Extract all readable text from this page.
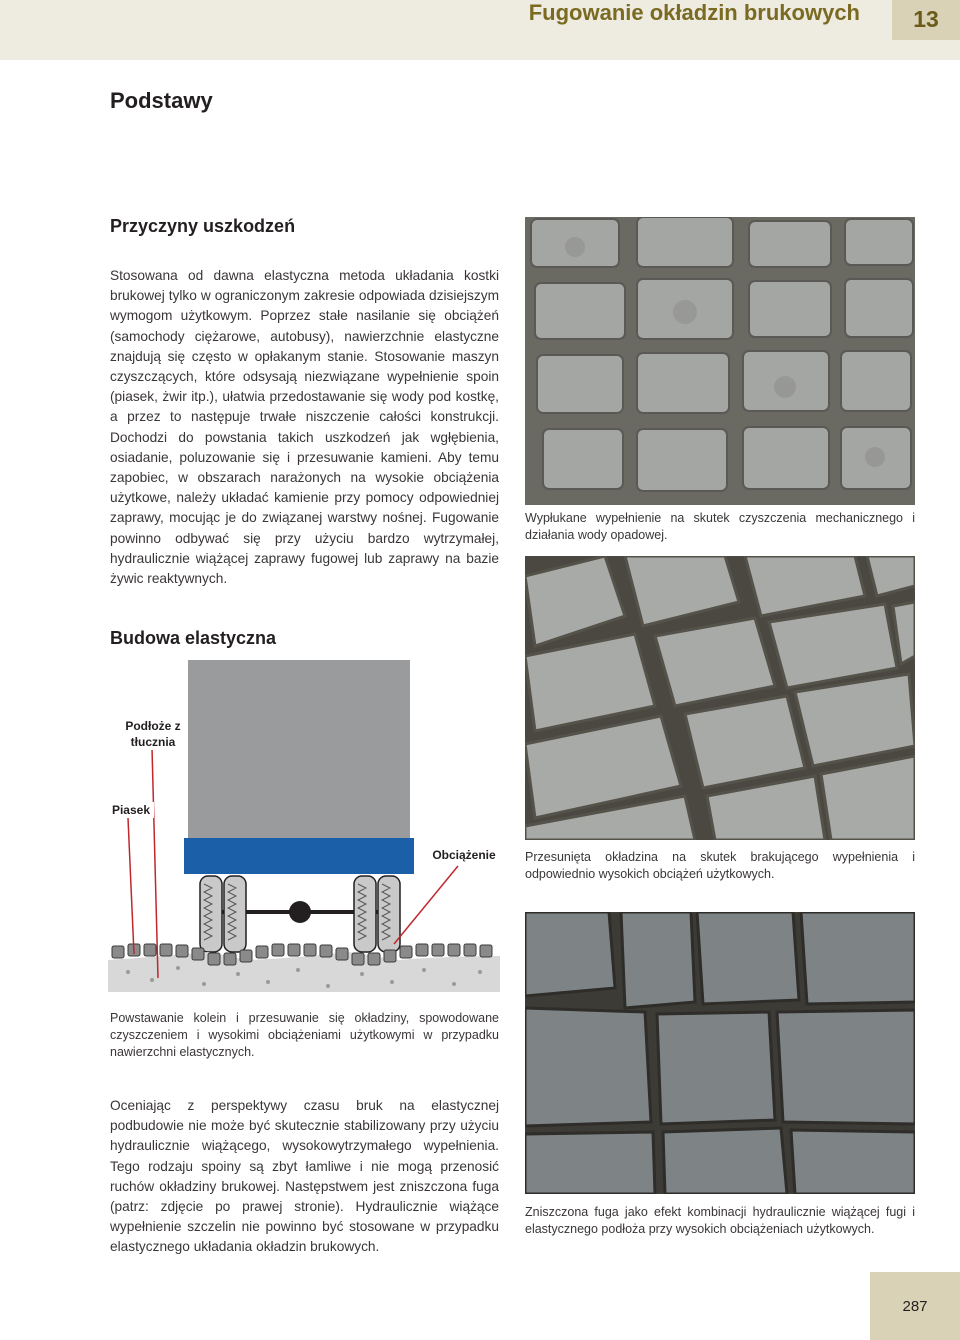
Fugowanie okładzin brukowych	13
Podstawy
Przyczyny uszkodzeń

Stosowana od dawna elastyczna metoda układania kostki brukowej tylko w ograniczonym zakresie odpowiada dzisiejszym wymogom użytkowym. Poprzez stałe nasilanie się obciążeń (samochody ciężarowe, autobusy), nawierzchnie elastyczne znajdują się często w opłakanym stanie. Stosowanie maszyn czyszczących, które odsysają niezwiązane wypełnienie spoin (piasek, żwir itp.), ułatwia przedostawanie się wody pod kostkę, a przez to następuje trwałe niszczenie całości konstrukcji. Dochodzi do powstania takich uszkodzeń jak wgłębienia, osiadanie, poluzowanie się i przesuwanie kamieni. Aby temu zapobiec, w obszarach narażonych na wysokie obciążenia użytkowe, należy układać kamienie przy pomocy odpowiedniej zaprawy, mocując je do związanej warstwy nośnej. Fugowanie powinno odbywać się przy użyciu bardzo wytrzymałej, hydraulicznie wiążącej zaprawy fugowej lub zaprawy na bazie żywic reaktywnych.

Wypłukane wypełnienie na skutek czyszczenia mechanicznego i działania wody opadowej.

Przesunięta okładzina na skutek brakującego wypełnienia i odpowiednio wysokich obciążeń użytkowych.

Zniszczona fuga jako efekt kombinacji hydraulicznie wiążącej fugi i elastycznego podłoża przy wysokich obciążeniach użytkowych.

Budowa elastyczna
Podłoże z tłucznia
Piasek
Obciążenie

Powstawanie kolein i przesuwanie się okładziny, spowodowane czyszczeniem i wysokimi obciążeniami użytkowymi w przypadku nawierzchni elastycznych.

Oceniając z perspektywy czasu bruk na elastycznej podbudowie nie może być skutecznie stabilizowany przy użyciu hydraulicznie wiążącego, wysokowytrzymałego wypełnienia. Tego rodzaju spoiny są zbyt łamliwe i nie mogą przenosić ruchów okładziny brukowej. Następstwem jest zniszczona fuga (patrz: zdjęcie po prawej stronie). Hydraulicznie wiążące wypełnienie szczelin nie powinno być stosowane w przypadku elastycznego układania okładzin brukowych.

287
